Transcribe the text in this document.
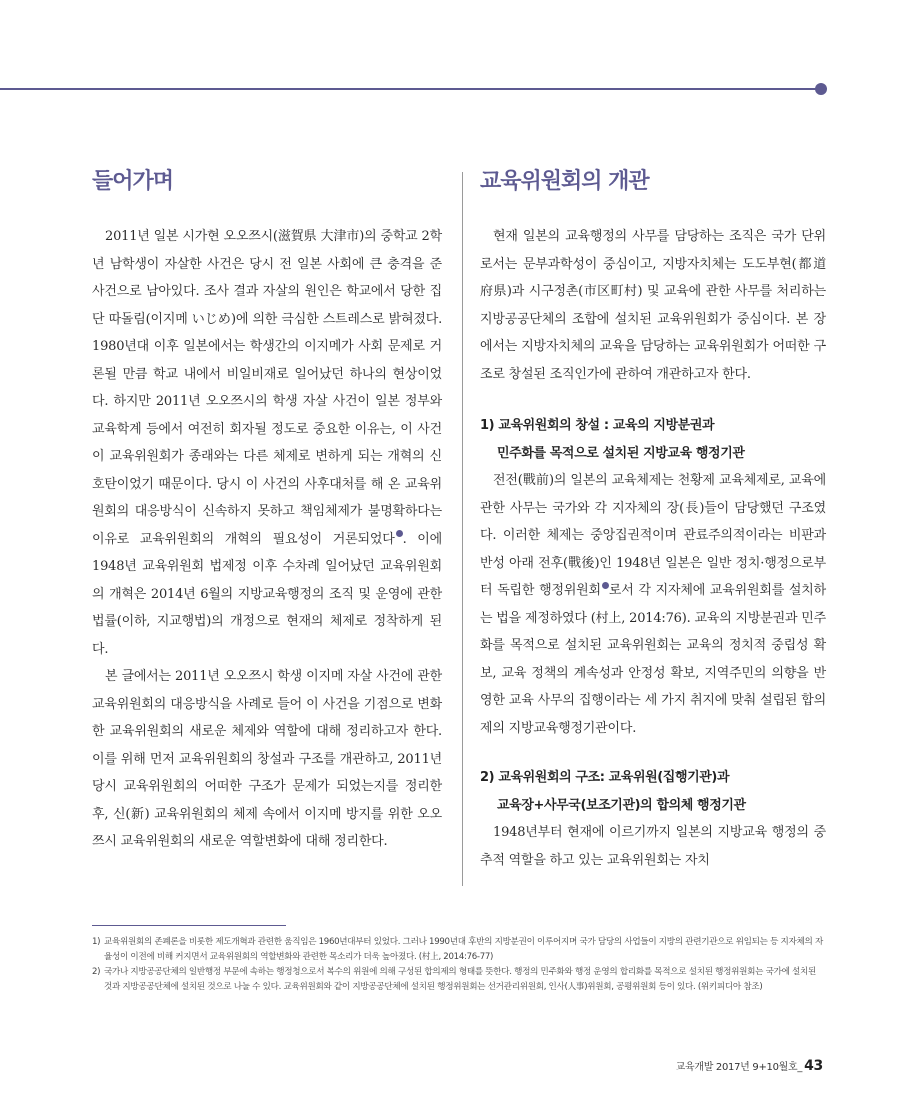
들어가며

2011년 일본 시가현 오오쯔시(滋賀県 大津市)의 중학교 2학년 남학생이 자살한 사건은 당시 전 일본 사회에 큰 충격을 준 사건으로 남아있다. 조사 결과 자살의 원인은 학교에서 당한 집단 따돌림(이지메 いじめ)에 의한 극심한 스트레스로 밝혀졌다. 1980년대 이후 일본에서는 학생간의 이지메가 사회 문제로 거론될 만큼 학교 내에서 비일비재로 일어났던 하나의 현상이었다. 하지만 2011년 오오쯔시의 학생 자살 사건이 일본 정부와 교육학계 등에서 여전히 회자될 정도로 중요한 이유는, 이 사건이 교육위원회가 종래와는 다른 체제로 변하게 되는 개혁의 신호탄이었기 때문이다. 당시 이 사건의 사후대처를 해 온 교육위원회의 대응방식이 신속하지 못하고 책임체제가 불명확하다는 이유로 교육위원회의 개혁의 필요성이 거론되었다 . 이에 1948년 교육위원회 법제정 이후 수차례 일어났던 교육위원회의 개혁은 2014년 6월의 지방교육행정의 조직 및 운영에 관한 법률(이하, 지교행법)의 개정으로 현재의 체제로 정착하게 된다.

본 글에서는 2011년 오오쯔시 학생 이지메 자살 사건에 관한 교육위원회의 대응방식을 사례로 들어 이 사건을 기점으로 변화한 교육위원회의 새로운 체제와 역할에 대해 정리하고자 한다. 이를 위해 먼저 교육위원회의 창설과 구조를 개관하고, 2011년 당시 교육위원회의 어떠한 구조가 문제가 되었는지를 정리한 후, 신(新) 교육위원회의 체제 속에서 이지메 방지를 위한 오오쯔시 교육위원회의 새로운 역할변화에 대해 정리한다.

교육위원회의 개관

현재 일본의 교육행정의 사무를 담당하는 조직은 국가 단위로서는 문부과학성이 중심이고, 지방자치체는 도도부현(都道府県)과 시구정촌(市区町村) 및 교육에 관한 사무를 처리하는 지방공공단체의 조합에 설치된 교육위원회가 중심이다. 본 장에서는 지방자치체의 교육을 담당하는 교육위원회가 어떠한 구조로 창설된 조직인가에 관하여 개관하고자 한다.

1) 교육위원회의 창설 : 교육의 지방분권과
민주화를 목적으로 설치된 지방교육 행정기관

전전(戰前)의 일본의 교육체제는 천황제 교육체제로, 교육에 관한 사무는 국가와 각 지자체의 장(長)들이 담당했던 구조였다. 이러한 체제는 중앙집권적이며 관료주의적이라는 비판과 반성 아래 전후(戰後)인 1948년 일본은 일반 정치·행정으로부터 독립한 행정위원회 로서 각 지자체에 교육위원회를 설치하는 법을 제정하였다 (村上, 2014:76). 교육의 지방분권과 민주화를 목적으로 설치된 교육위원회는 교육의 정치적 중립성 확보, 교육 정책의 계속성과 안정성 확보, 지역주민의 의향을 반영한 교육 사무의 집행이라는 세 가지 취지에 맞춰 설립된 합의제의 지방교육행정기관이다.

2) 교육위원회의 구조: 교육위원(집행기관)과
교육장+사무국(보조기관)의 합의체 행정기관

1948년부터 현재에 이르기까지 일본의 지방교육 행정의 중추적 역할을 하고 있는 교육위원회는 자치

1) 교육위원회의 존폐론을 비롯한 제도개혁과 관련한 움직임은 1960년대부터 있었다. 그러나 1990년대 후반의 지방분권이 이루어지며 국가 담당의 사업들이 지방의 관련기관으로 위임되는 등 지자체의 자율성이 이전에 비해 커지면서 교육위원회의 역할변화와 관련한 목소리가 더욱 높아졌다. (村上, 2014:76-77)

2) 국가나 지방공공단체의 일반행정 부문에 속하는 행정청으로서 복수의 위원에 의해 구성된 합의제의 형태를 뜻한다. 행정의 민주화와 행정 운영의 합리화를 목적으로 설치된 행정위원회는 국가에 설치된 것과 지방공공단체에 설치된 것으로 나눌 수 있다. 교육위원회와 같이 지방공공단체에 설치된 행정위원회는 선거관리위원회, 인사(人事)위원회, 공평위원회 등이 있다. (위키피디아 참조)

교육개발 2017년 9+10월호_ 43
